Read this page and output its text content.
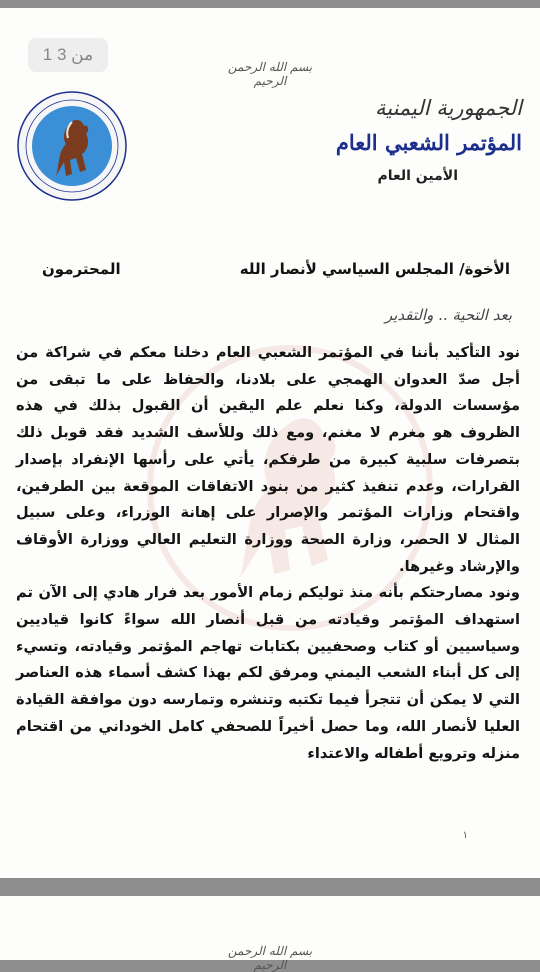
1 من 3
بسم الله الرحمن الرحيم
الجمهورية اليمنية
المؤتمر الشعبي العام
الأمين العام
الأخوة/ المجلس السياسي لأنصار الله
المحترمون
بعد التحية .. والتقدير

نود التأكيد بأننا في المؤتمر الشعبي العام دخلنا معكم في شراكة من أجل صدّ العدوان الهمجي على بلادنا، والحفاظ على ما تبقى من مؤسسات الدولة، وكنا نعلم علم اليقين أن القبول بذلك في هذه الظروف هو مغرم لا مغنم، ومع ذلك وللأسف الشديد فقد قوبل ذلك بتصرفات سلبية كبيرة من طرفكم، يأتي على رأسها الإنفراد بإصدار القرارات، وعدم تنفيذ كثير من بنود الاتفاقات الموقعة بين الطرفين، واقتحام وزارات المؤتمر والإصرار على إهانة الوزراء، وعلى سبيل المثال لا الحصر، وزارة الصحة ووزارة التعليم العالي ووزارة الأوقاف والإرشاد وغيرها.

ونود مصارحتكم بأنه منذ توليكم زمام الأمور بعد فرار هادي إلى الآن تم استهداف المؤتمر وقيادته من قبل أنصار الله سواءً كانوا قياديين وسياسيين أو كتاب وصحفيين بكتابات تهاجم المؤتمر وقيادته، وتسيء إلى كل أبناء الشعب اليمني ومرفق لكم بهذا كشف أسماء هذه العناصر التي لا يمكن أن تتجرأ فيما تكتبه وتنشره وتمارسه دون موافقة القيادة العليا لأنصار الله، وما حصل أخيراً للصحفي كامل الخوداني من اقتحام منزله وترويع أطفاله والاعتداء

١
بسم الله الرحمن الرحيم
